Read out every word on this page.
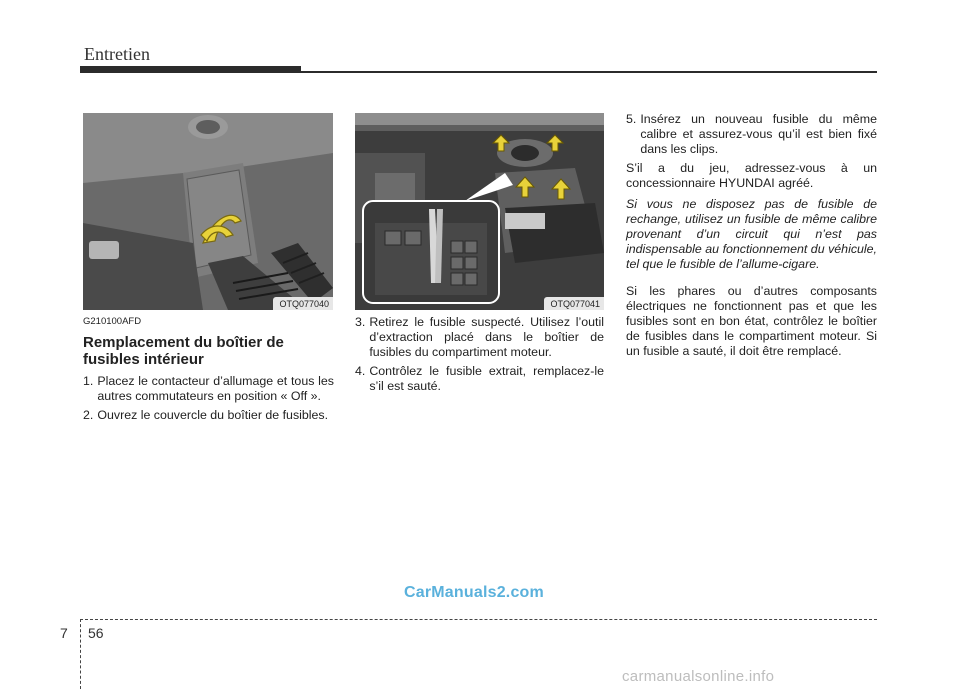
Entretien
OTQ077040	OTQ077041
G210100AFD
Remplacement du boîtier de fusibles intérieur
1. Placez le contacteur d’allumage et tous les autres commutateurs en position « Off ».
2. Ouvrez le couvercle du boîtier de fusibles.
3. Retirez le fusible suspecté. Utilisez l’outil d’extraction placé dans le boîtier de fusibles du compartiment moteur.
4. Contrôlez le fusible extrait, remplacez-le s’il est sauté.
5. Insérez un nouveau fusible du même calibre et assurez-vous qu’il est bien fixé dans les clips.

S’il a du jeu, adressez-vous à un concessionnaire HYUNDAI agréé.

Si vous ne disposez pas de fusible de rechange, utilisez un fusible de même calibre provenant d’un circuit qui n’est pas indispensable au fonctionnement du véhicule, tel que le fusible de l’allume-cigare.

Si les phares ou d’autres composants électriques ne fonctionnent pas et que les fusibles sont en bon état, contrôlez le boîtier de fusibles dans le compartiment moteur. Si un fusible a sauté, il doit être remplacé.

CarManuals2.com
7 56
carmanualsonline.info
